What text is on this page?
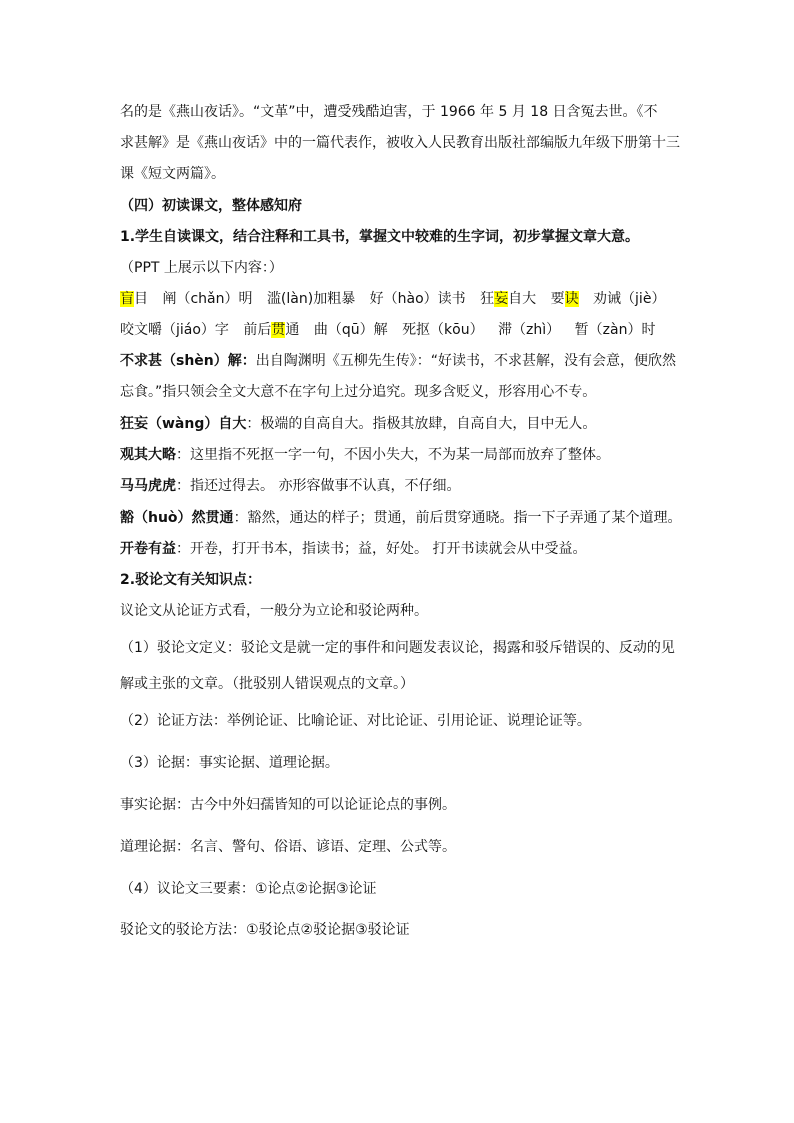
名的是《燕山夜话》。“文革”中，遭受残酷迫害，于 1966 年 5 月 18 日含冤去世。《不
求甚解》是《燕山夜话》中的一篇代表作，被收入人民教育出版社部编版九年级下册第十三
课《短文两篇》。
（四）初读课文，整体感知府
1.学生自读课文，结合注释和工具书，掌握文中较难的生字词，初步掌握文章大意。
（PPT 上展示以下内容：）
盲目 阐（chǎn）明 滥(làn)加粗暴 好（hào）读书 狂妄自大 要诀 劝诫（jiè）
咬文嚼（jiáo）字 前后贯通 曲（qū）解 死抠（kōu） 滞（zhì） 暂（zàn）时
不求甚（shèn）解：出自陶渊明《五柳先生传》：“好读书，不求甚解，没有会意，便欣然
忘食。”指只领会全文大意不在字句上过分追究。现多含贬义，形容用心不专。
狂妄（wàng）自大：极端的自高自大。指极其放肆，自高自大，目中无人。
观其大略：这里指不死抠一字一句，不因小失大，不为某一局部而放弃了整体。
马马虎虎：指还过得去。 亦形容做事不认真，不仔细。
豁（huò）然贯通：豁然，通达的样子；贯通，前后贯穿通晓。指一下子弄通了某个道理。
开卷有益：开卷，打开书本，指读书；益，好处。 打开书读就会从中受益。
2.驳论文有关知识点：
议论文从论证方式看，一般分为立论和驳论两种。
（1）驳论文定义：驳论文是就一定的事件和问题发表议论，揭露和驳斥错误的、反动的见
解或主张的文章。（批驳别人错误观点的文章。）
（2）论证方法：举例论证、比喻论证、对比论证、引用论证、说理论证等。
（3）论据：事实论据、道理论据。
事实论据：古今中外妇孺皆知的可以论证论点的事例。
道理论据：名言、警句、俗语、谚语、定理、公式等。
（4）议论文三要素：①论点②论据③论证
驳论文的驳论方法：①驳论点②驳论据③驳论证
